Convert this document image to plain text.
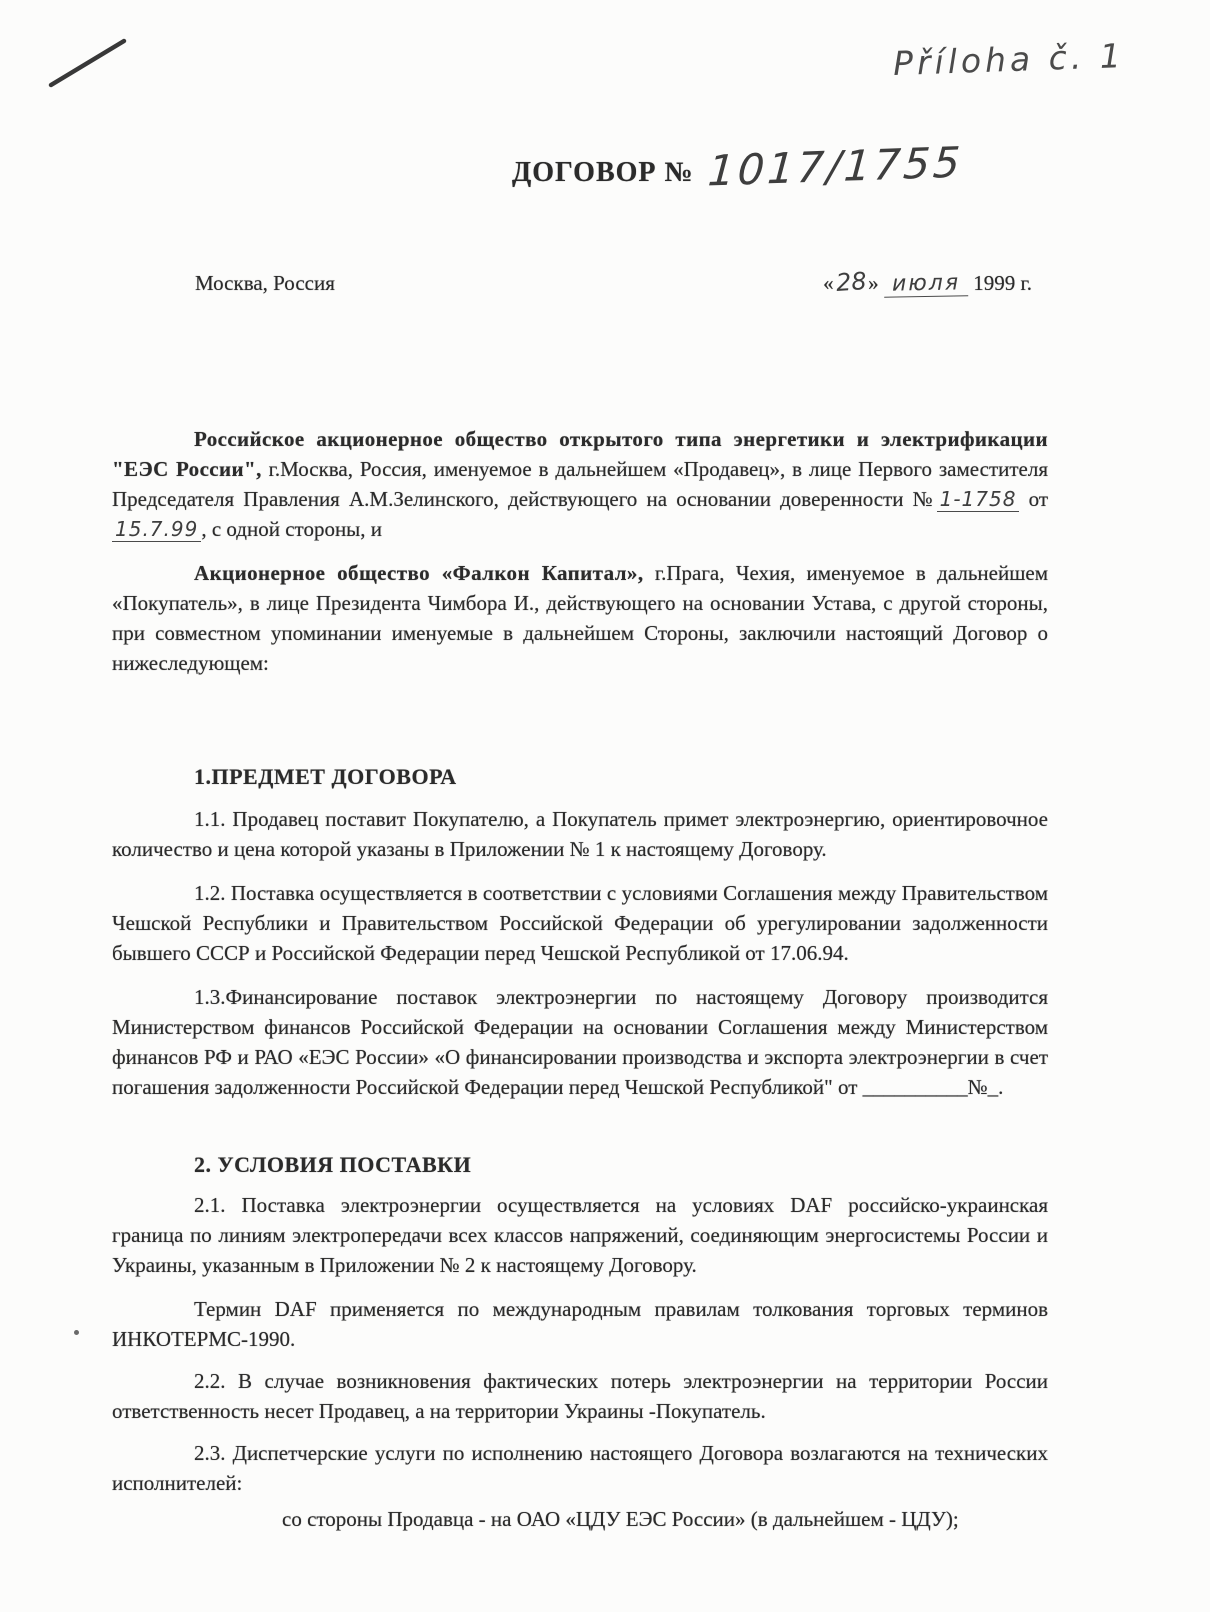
Příloha č. 1
ДОГОВОР № 1017/1755
Москва, Россия	«28» июля 1999 г.

Российское акционерное общество открытого типа энергетики и электрификации "ЕЭС России", г.Москва, Россия, именуемое в дальнейшем «Продавец», в лице Первого заместителя Председателя Правления А.М.Зелинского, действующего на основании доверенности № 1-1758 от 15.7.99 , с одной стороны, и

Акционерное общество «Фалкон Капитал», г.Прага, Чехия, именуемое в дальнейшем «Покупатель», в лице Президента Чимбора И., действующего на основании Устава, с другой стороны, при совместном упоминании именуемые в дальнейшем Стороны, заключили настоящий Договор о нижеследующем:

1.ПРЕДМЕТ ДОГОВОРА

1.1. Продавец поставит Покупателю, а Покупатель примет электроэнергию, ориентировочное количество и цена которой указаны в Приложении № 1 к настоящему Договору.

1.2. Поставка осуществляется в соответствии с условиями Соглашения между Правительством Чешской Республики и Правительством Российской Федерации об урегулировании задолженности бывшего СССР и Российской Федерации перед Чешской Республикой от 17.06.94.

1.3.Финансирование поставок электроэнергии по настоящему Договору производится Министерством финансов Российской Федерации на основании Соглашения между Министерством финансов РФ и РАО «ЕЭС России» «О финансировании производства и экспорта электроэнергии в счет погашения задолженности Российской Федерации перед Чешской Республикой" от __________№_.

2. УСЛОВИЯ ПОСТАВКИ

2.1. Поставка электроэнергии осуществляется на условиях DAF российско-украинская граница по линиям электропередачи всех классов напряжений, соединяющим энергосистемы России и Украины, указанным в Приложении № 2 к настоящему Договору.

Термин DAF применяется по международным правилам толкования торговых терминов ИНКОТЕРМС-1990.

2.2. В случае возникновения фактических потерь электроэнергии на территории России ответственность несет Продавец, а на территории Украины -Покупатель.

2.3. Диспетчерские услуги по исполнению настоящего Договора возлагаются на технических исполнителей:

со стороны Продавца - на ОАО «ЦДУ ЕЭС России» (в дальнейшем - ЦДУ);
